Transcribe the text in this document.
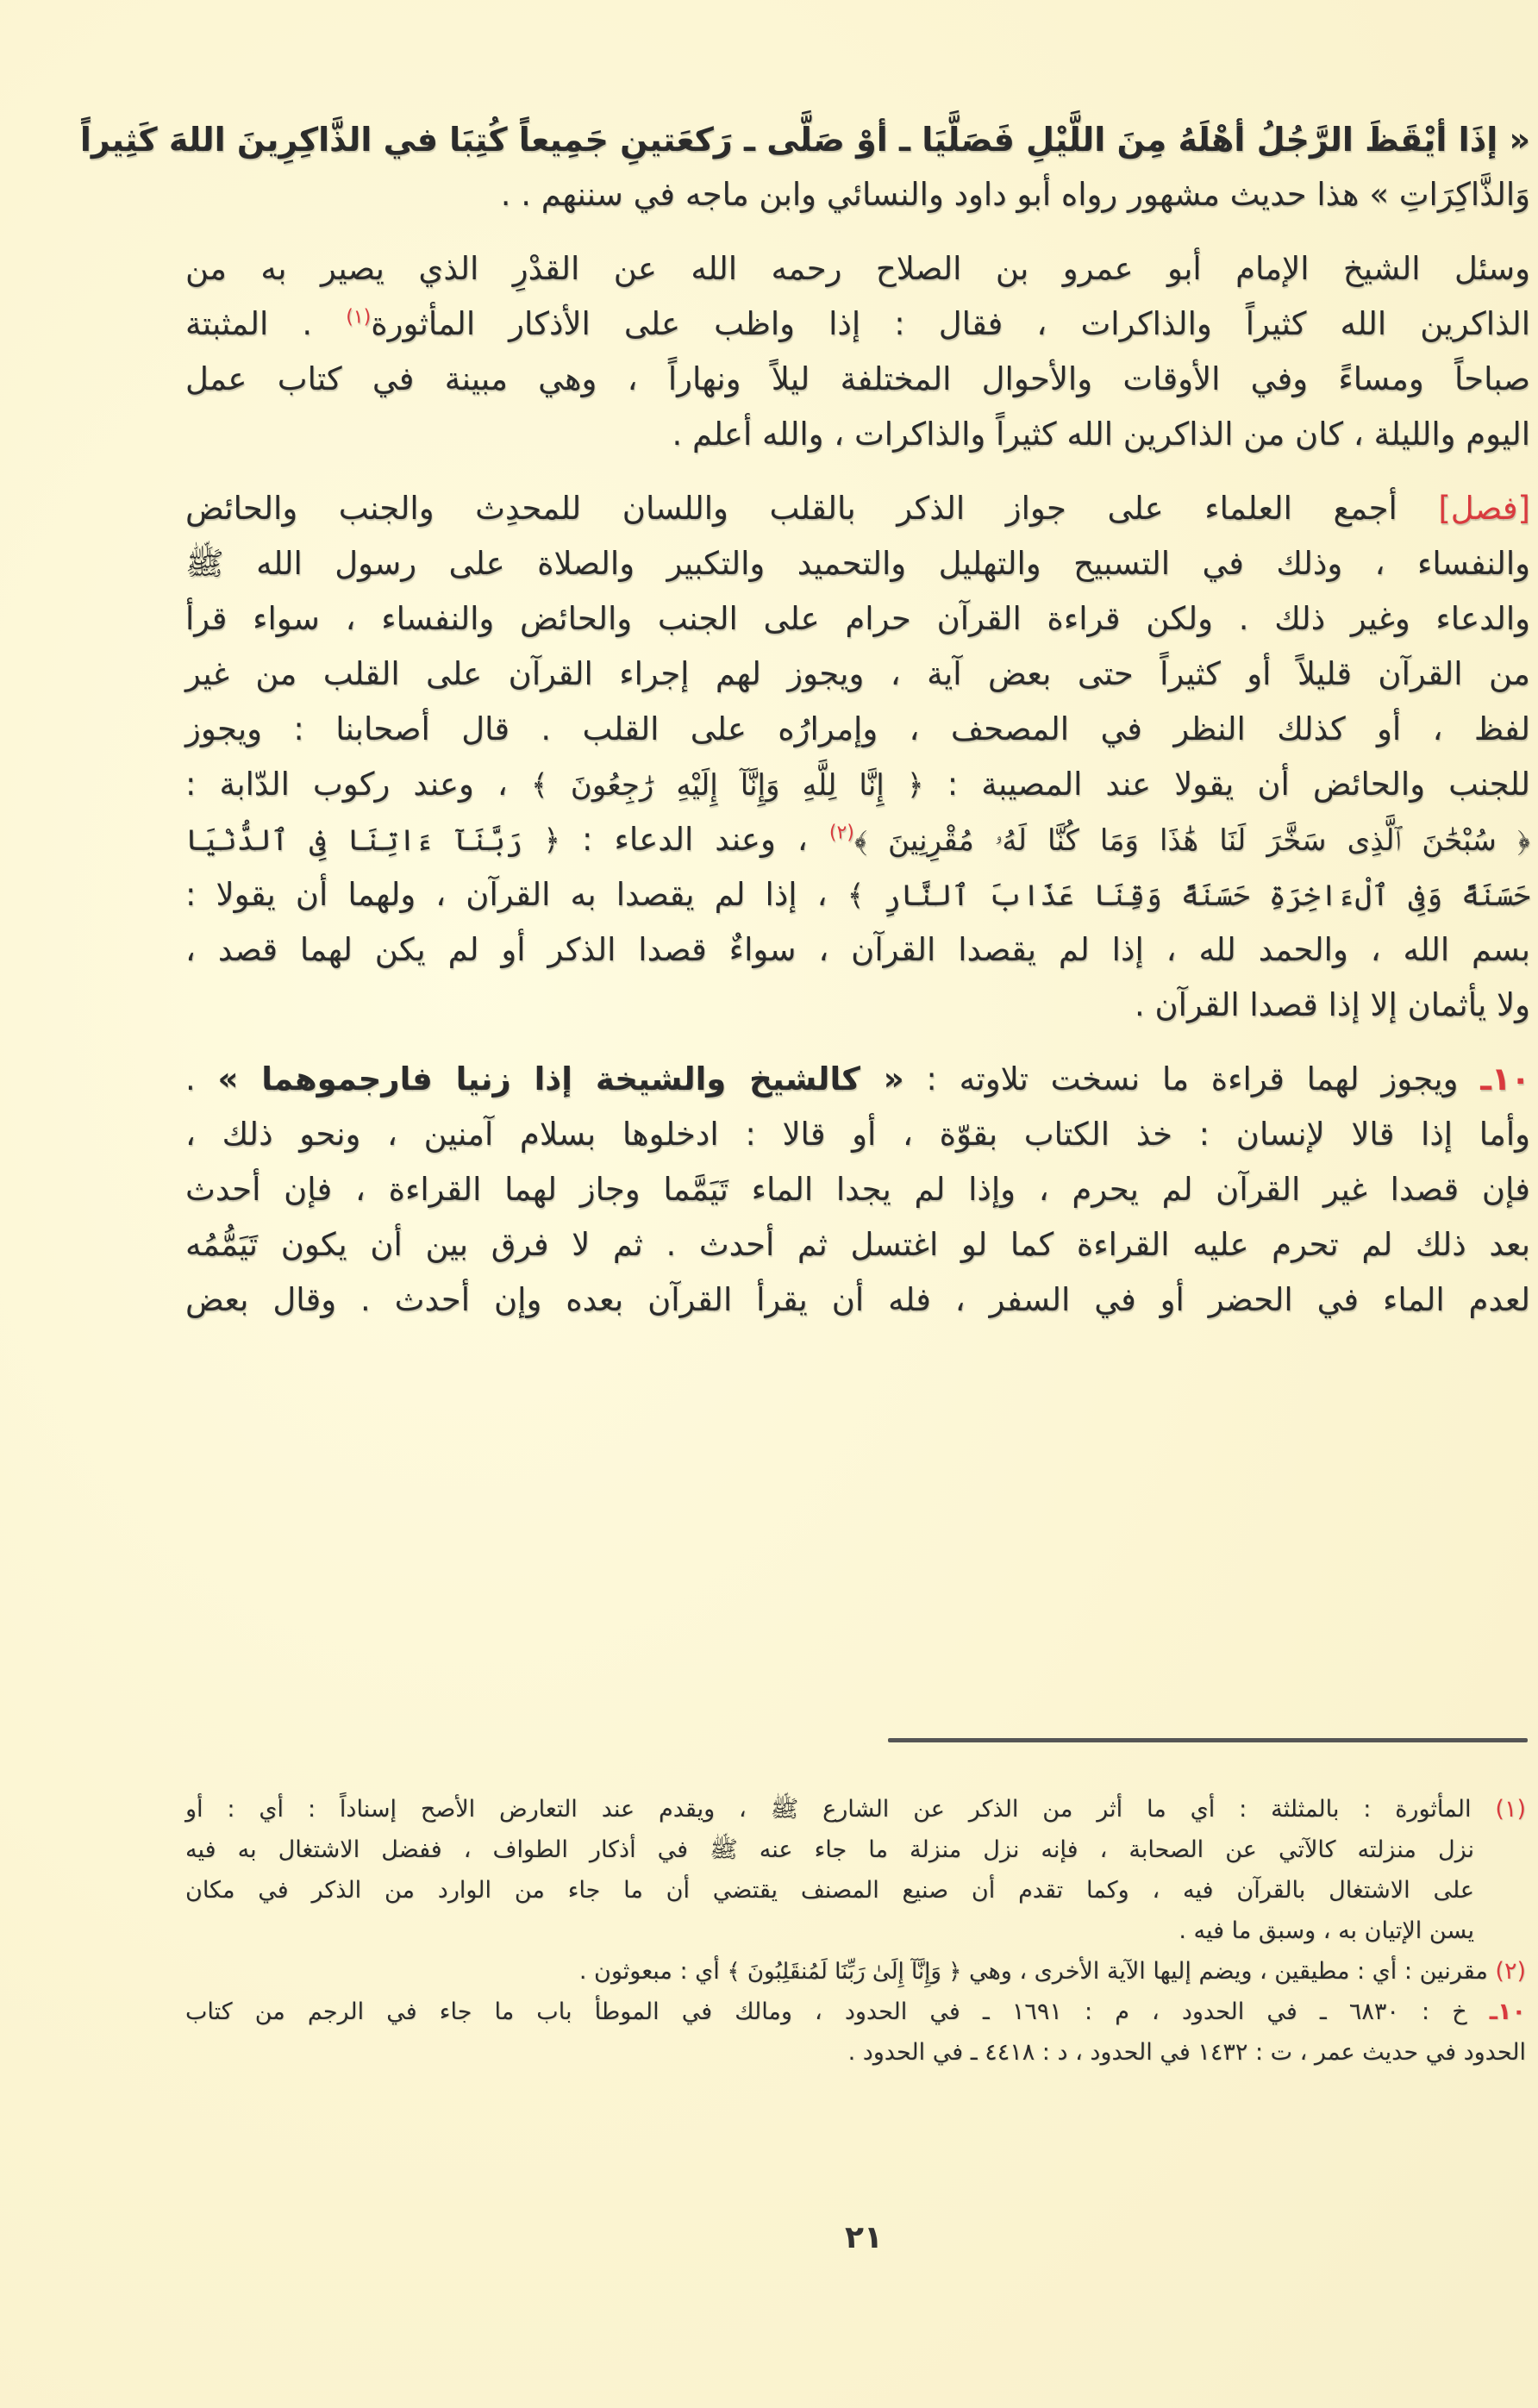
« إذَا أيْقَظَ الرَّجُلُ أهْلَهُ مِنَ اللَّيْلِ فَصَلَّيَا ـ أوْ صَلَّى ـ رَكعَتينِ جَمِيعاً كُتِبَا في الذَّاكِرِينَ اللهَ كَثِيراً
وَالذَّاكِرَاتِ » هذا حديث مشهور رواه أبو داود والنسائي وابن ماجه في سننهم . .
وسئل الشيخ الإمام أبو عمرو بن الصلاح رحمه الله عن القدْرِ الذي يصير به من
الذاكرين الله كثيراً والذاكرات ، فقال : إذا واظب على الأذكار المأثورة$^{(١)}$ . المثبتة
صباحاً ومساءً وفي الأوقات والأحوال المختلفة ليلاً ونهاراً ، وهي مبينة في كتاب عمل
اليوم والليلة ، كان من الذاكرين الله كثيراً والذاكرات ، والله أعلم .
[فصل] أجمع العلماء على جواز الذكر بالقلب واللسان للمحدِث والجنب والحائض
والنفساء ، وذلك في التسبيح والتهليل والتحميد والتكبير والصلاة على رسول الله ﷺ
والدعاء وغير ذلك . ولكن قراءة القرآن حرام على الجنب والحائض والنفساء ، سواء قرأ
من القرآن قليلاً أو كثيراً حتى بعض آية ، ويجوز لهم إجراء القرآن على القلب من غير
لفظ ، أو كذلك النظر في المصحف ، وإمرارُه على القلب . قال أصحابنا : ويجوز
للجنب والحائض أن يقولا عند المصيبة : ﴿ إِنَّا لِلَّهِ وَإِنَّآ إِلَيْهِ رَٰجِعُونَ ﴾ ، وعند ركوب الدّابة :
﴿ سُبْحَٰنَ ٱلَّذِى سَخَّرَ لَنَا هَٰذَا وَمَا كُنَّا لَهُۥ مُقْرِنِينَ ﴾$^{(٢)}$ ، وعند الدعاء : ﴿ رَبَّنَآ ءَاتِنَا فِى ٱلدُّنْيَا
حَسَنَةً وَفِى ٱلْءَاخِرَةِ حَسَنَةً وَقِنَا عَذَابَ ٱلنَّارِ ﴾ ، إذا لم يقصدا به القرآن ، ولهما أن يقولا :
بسم الله ، والحمد لله ، إذا لم يقصدا القرآن ، سواءٌ قصدا الذكر أو لم يكن لهما قصد ،
ولا يأثمان إلا إذا قصدا القرآن .
١٠ـ ويجوز لهما قراءة ما نسخت تلاوته : « كالشيخ والشيخة إذا زنيا فارجموهما » .
وأما إذا قالا لإنسان : خذ الكتاب بقوّة ، أو قالا : ادخلوها بسلام آمنين ، ونحو ذلك ،
فإن قصدا غير القرآن لم يحرم ، وإذا لم يجدا الماء تَيَمَّما وجاز لهما القراءة ، فإن أحدث
بعد ذلك لم تحرم عليه القراءة كما لو اغتسل ثم أحدث . ثم لا فرق بين أن يكون تَيَمُّمُه
لعدم الماء في الحضر أو في السفر ، فله أن يقرأ القرآن بعده وإن أحدث . وقال بعض
(١) المأثورة : بالمثلثة : أي ما أثر من الذكر عن الشارع ﷺ ، ويقدم عند التعارض الأصح إسناداً : أي : أو
نزل منزلته كالآتي عن الصحابة ، فإنه نزل منزلة ما جاء عنه ﷺ في أذكار الطواف ، ففضل الاشتغال به فيه
على الاشتغال بالقرآن فيه ، وكما تقدم أن صنيع المصنف يقتضي أن ما جاء من الوارد من الذكر في مكان
يسن الإتيان به ، وسبق ما فيه .
(٢) مقرنين : أي : مطيقين ، ويضم إليها الآية الأخرى ، وهي ﴿ وَإِنَّآ إِلَىٰ رَبِّنَا لَمُنقَلِبُونَ ﴾ أي : مبعوثون .
١٠ـ خ : ٦٨٣٠ ـ في الحدود ، م : ١٦٩١ ـ في الحدود ، ومالك في الموطأ باب ما جاء في الرجم من كتاب
الحدود في حديث عمر ، ت : ١٤٣٢ في الحدود ، د : ٤٤١٨ ـ في الحدود .
٢١
